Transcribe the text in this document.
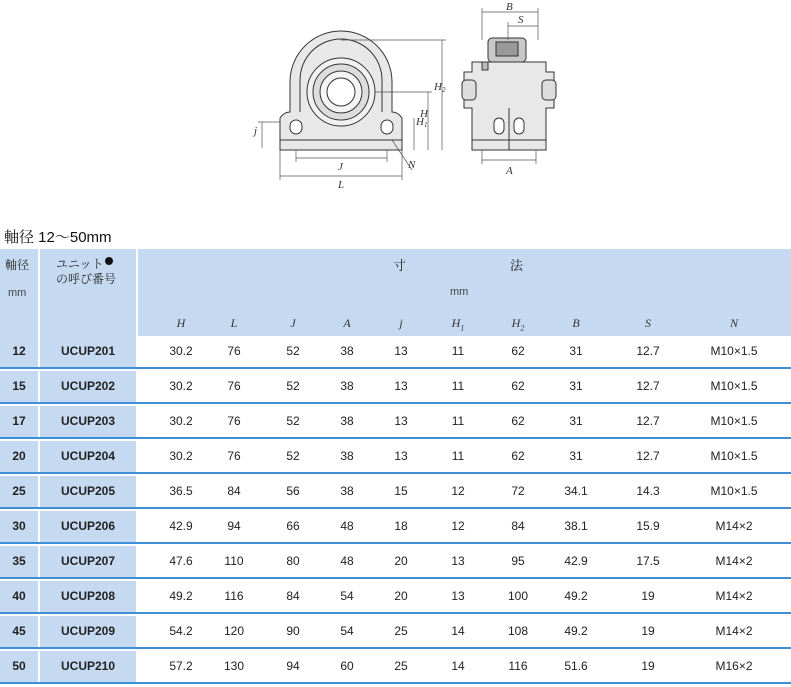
j
J
L
H 1
H
H 2
N
B
S
A
軸径 12～50mm
軸径
mm
ユニット
の呼び番号
寸	法
mm
H	L	J	A	j	$H_1$	$H_2$	B	S	N
12	UCUP201	30.2	76	52	38	13	11	62	31	12.7	M10×1.5
15	UCUP202	30.2	76	52	38	13	11	62	31	12.7	M10×1.5
17	UCUP203	30.2	76	52	38	13	11	62	31	12.7	M10×1.5
20	UCUP204	30.2	76	52	38	13	11	62	31	12.7	M10×1.5
25	UCUP205	36.5	84	56	38	15	12	72	34.1	14.3	M10×1.5
30	UCUP206	42.9	94	66	48	18	12	84	38.1	15.9	M14×2
35	UCUP207	47.6	110	80	48	20	13	95	42.9	17.5	M14×2
40	UCUP208	49.2	116	84	54	20	13	100	49.2	19	M14×2
45	UCUP209	54.2	120	90	54	25	14	108	49.2	19	M14×2
50	UCUP210	57.2	130	94	60	25	14	116	51.6	19	M16×2
